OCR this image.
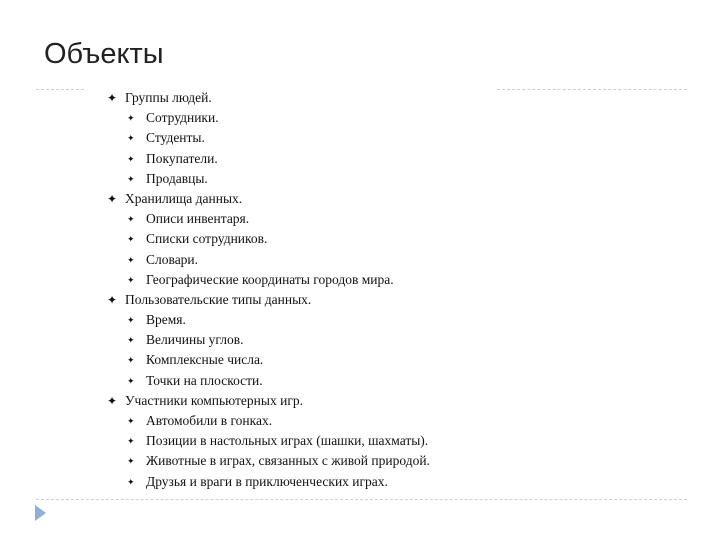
Объекты
✦ Группы людей.
✦ Сотрудники.
✦ Студенты.
✦ Покупатели.
✦ Продавцы.
✦ Хранилища данных.
✦ Описи инвентаря.
✦ Списки сотрудников.
✦ Словари.
✦ Географические координаты городов мира.
✦ Пользовательские типы данных.
✦ Время.
✦ Величины углов.
✦ Комплексные числа.
✦ Точки на плоскости.
✦ Участники компьютерных игр.
✦ Автомобили в гонках.
✦ Позиции в настольных играх (шашки, шахматы).
✦ Животные в играх, связанных с живой природой.
✦ Друзья и враги в приключенческих играх.
